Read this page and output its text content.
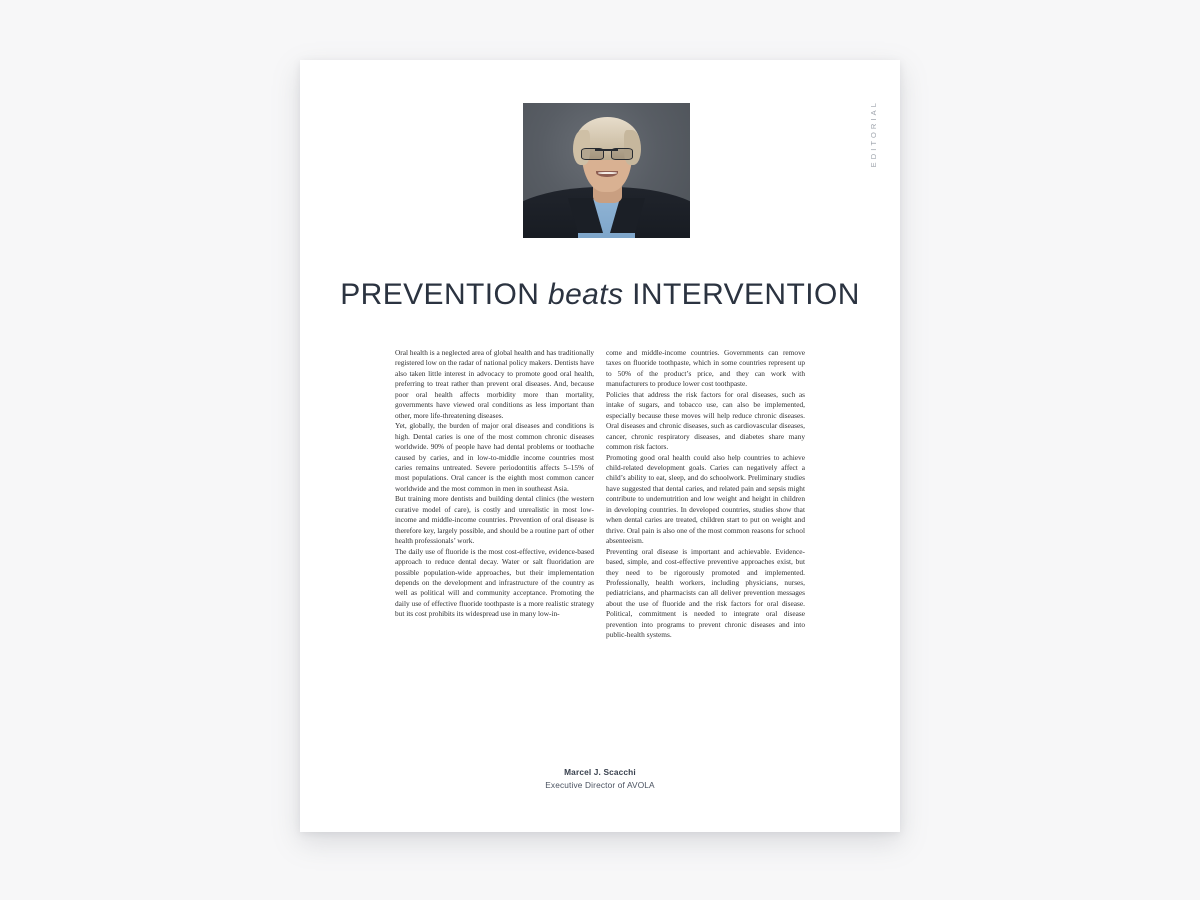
EDITORIAL
PREVENTION beats INTERVENTION

Oral health is a neglected area of global health and has traditionally registered low on the radar of national policy makers. Dentists have also taken little interest in advocacy to promote good oral health, preferring to treat rather than prevent oral diseases. And, because poor oral health affects morbidity more than mortality, governments have viewed oral conditions as less important than other, more life-threatening diseases.

Yet, globally, the burden of major oral diseases and conditions is high. Dental caries is one of the most common chronic diseases worldwide. 90% of people have had dental problems or toothache caused by caries, and in low-to-middle income countries most caries remains untreated. Severe periodontitis affects 5–15% of most populations. Oral cancer is the eighth most common cancer worldwide and the most common in men in southeast Asia.

But training more dentists and building dental clinics (the western curative model of care), is costly and unrealistic in most low-income and middle-income countries. Prevention of oral disease is therefore key, largely possible, and should be a routine part of other health professionals’ work.

The daily use of fluoride is the most cost-effective, evidence-based approach to reduce dental decay. Water or salt fluoridation are possible population-wide approaches, but their implementation depends on the development and infrastructure of the country as well as political will and community acceptance. Promoting the daily use of effective fluoride toothpaste is a more realistic strategy but its cost prohibits its widespread use in many low-in-

come and middle-income countries. Governments can remove taxes on fluoride toothpaste, which in some countries represent up to 50% of the product’s price, and they can work with manufacturers to produce lower cost toothpaste.

Policies that address the risk factors for oral diseases, such as intake of sugars, and tobacco use, can also be implemented, especially because these moves will help reduce chronic diseases. Oral diseases and chronic diseases, such as cardiovascular diseases, cancer, chronic respiratory diseases, and diabetes share many common risk factors.

Promoting good oral health could also help countries to achieve child-related development goals. Caries can negatively affect a child’s ability to eat, sleep, and do schoolwork. Preliminary studies have suggested that dental caries, and related pain and sepsis might contribute to undernutrition and low weight and height in children in developing countries. In developed countries, studies show that when dental caries are treated, children start to put on weight and thrive. Oral pain is also one of the most common reasons for school absenteeism.

Preventing oral disease is important and achievable. Evidence-based, simple, and cost-effective preventive approaches exist, but they need to be rigorously promoted and implemented. Professionally, health workers, including physicians, nurses, pediatricians, and pharmacists can all deliver prevention messages about the use of fluoride and the risk factors for oral disease. Political, commitment is needed to integrate oral disease prevention into programs to prevent chronic diseases and into public-health systems.

Marcel J. Scacchi
Executive Director of AVOLA
